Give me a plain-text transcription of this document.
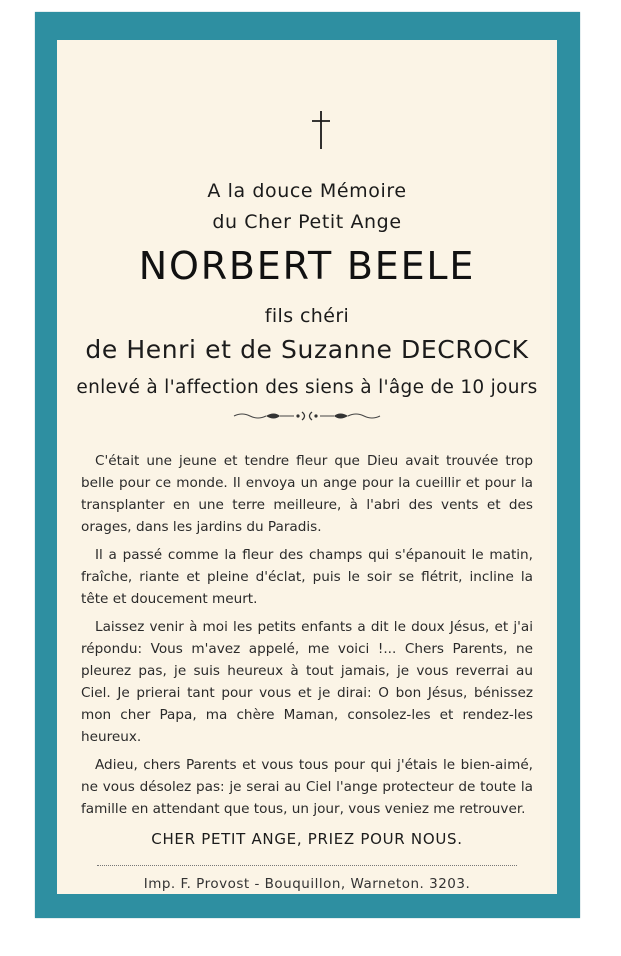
A la douce Mémoire
du Cher Petit Ange
NORBERT BEELE
fils chéri
de Henri et de Suzanne DECROCK
enlevé à l'affection des siens à l'âge de 10 jours

C'était une jeune et tendre fleur que Dieu avait trouvée trop belle pour ce monde. Il envoya un ange pour la cueillir et pour la transplanter en une terre meilleure, à l'abri des vents et des orages, dans les jardins du Paradis.

Il a passé comme la fleur des champs qui s'épanouit le matin, fraîche, riante et pleine d'éclat, puis le soir se flétrit, incline la tête et doucement meurt.

Laissez venir à moi les petits enfants a dit le doux Jésus, et j'ai répondu: Vous m'avez appelé, me voici !... Chers Parents, ne pleurez pas, je suis heureux à tout jamais, je vous reverrai au Ciel. Je prierai tant pour vous et je dirai: O bon Jésus, bénissez mon cher Papa, ma chère Maman, consolez-les et rendez-les heureux.

Adieu, chers Parents et vous tous pour qui j'étais le bien-aimé, ne vous désolez pas: je serai au Ciel l'ange protecteur de toute la famille en attendant que tous, un jour, vous veniez me retrouver.

CHER PETIT ANGE, PRIEZ POUR NOUS.
Imp. F. Provost - Bouquillon, Warneton. 3203.
